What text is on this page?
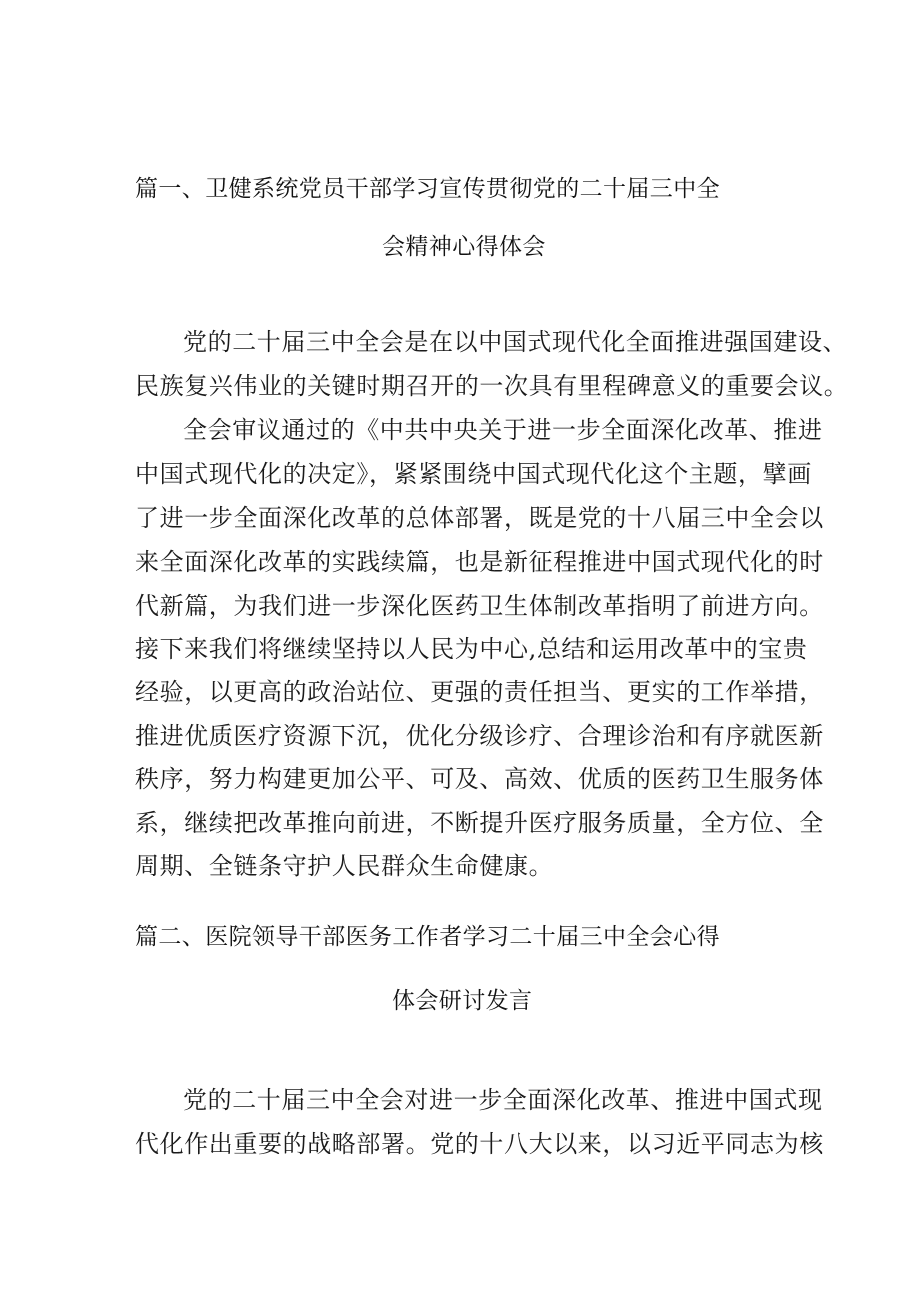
篇一、卫健系统党员干部学习宣传贯彻党的二十届三中全
会精神心得体会
党的二十届三中全会是在以中国式现代化全面推进强国建设、
民族复兴伟业的关键时期召开的一次具有里程碑意义的重要会议。
全会审议通过的《中共中央关于进一步全面深化改革、推进
中国式现代化的决定》，紧紧围绕中国式现代化这个主题，擘画
了进一步全面深化改革的总体部署，既是党的十八届三中全会以
来全面深化改革的实践续篇，也是新征程推进中国式现代化的时
代新篇，为我们进一步深化医药卫生体制改革指明了前进方向。
接下来我们将继续坚持以人民为中心,总结和运用改革中的宝贵
经验，以更高的政治站位、更强的责任担当、更实的工作举措，
推进优质医疗资源下沉，优化分级诊疗、合理诊治和有序就医新
秩序，努力构建更加公平、可及、高效、优质的医药卫生服务体
系，继续把改革推向前进，不断提升医疗服务质量，全方位、全
周期、全链条守护人民群众生命健康。
篇二、医院领导干部医务工作者学习二十届三中全会心得
体会研讨发言
党的二十届三中全会对进一步全面深化改革、推进中国式现
代化作出重要的战略部署。党的十八大以来，以习近平同志为核
